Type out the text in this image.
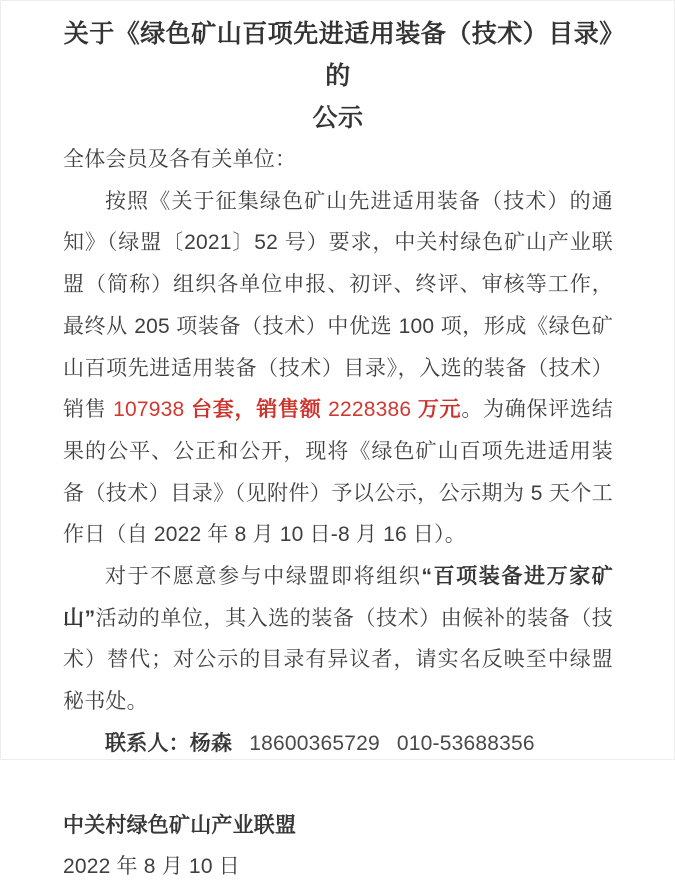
关于《绿色矿山百项先进适用装备（技术）目录》的
公示

全体会员及各有关单位：

按照《关于征集绿色矿山先进适用装备（技术）的通知》（绿盟〔2021〕52 号）要求，中关村绿色矿山产业联盟（简称）组织各单位申报、初评、终评、审核等工作，最终从 205 项装备（技术）中优选 100 项，形成《绿色矿山百项先进适用装备（技术）目录》，入选的装备（技术）销售 107938 台套，销售额 2228386 万元。为确保评选结果的公平、公正和公开，现将《绿色矿山百项先进适用装备（技术）目录》（见附件）予以公示，公示期为 5 天个工作日（自 2022 年 8 月 10 日-8 月 16 日）。

对于不愿意参与中绿盟即将组织“百项装备进万家矿山”活动的单位，其入选的装备（技术）由候补的装备（技术）替代；对公示的目录有异议者，请实名反映至中绿盟秘书处。

联系人：杨森 18600365729 010-53688356

中关村绿色矿山产业联盟

2022 年 8 月 10 日
